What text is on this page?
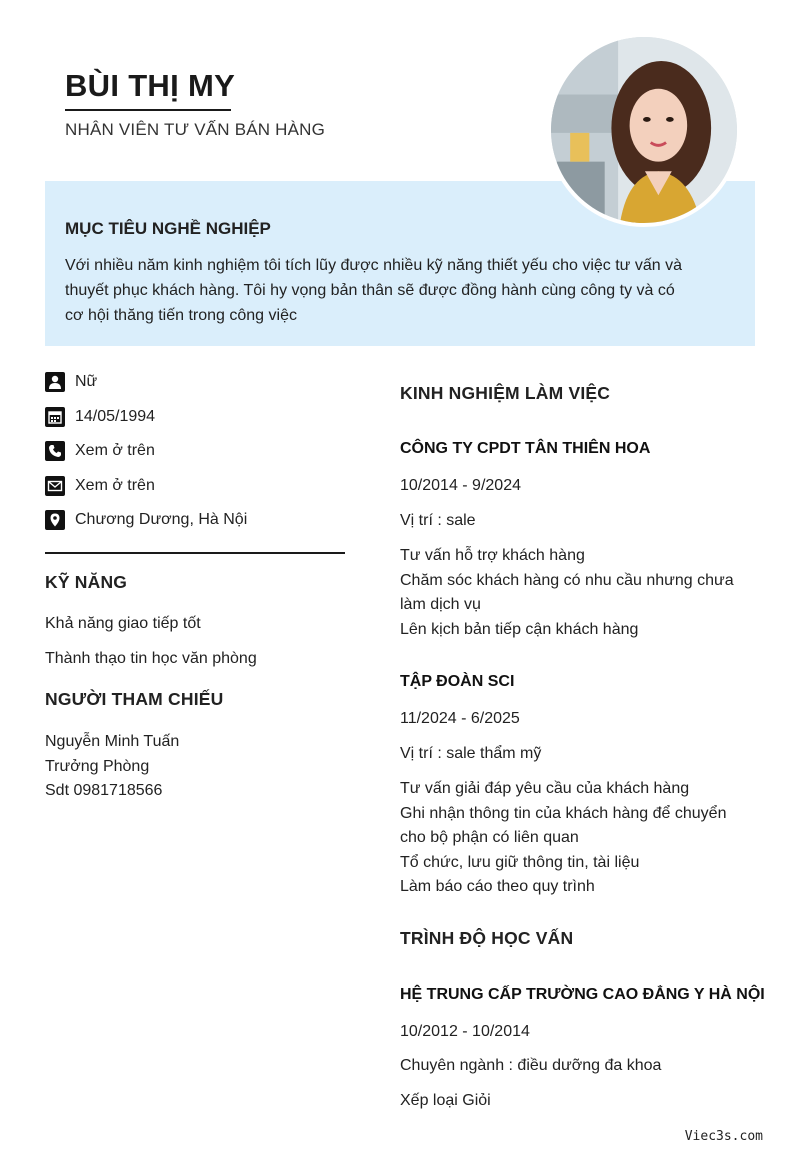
BÙI THỊ MY
NHÂN VIÊN TƯ VẤN BÁN HÀNG
MỤC TIÊU NGHỀ NGHIỆP
Với nhiều năm kinh nghiệm tôi tích lũy được nhiều kỹ năng thiết yếu cho việc tư vấn và
thuyết phục khách hàng. Tôi hy vọng bản thân sẽ được đồng hành cùng công ty và có
cơ hội thăng tiến trong công việc
Nữ
14/05/1994
Xem ở trên
Xem ở trên
Chương Dương, Hà Nội
KỸ NĂNG
Khả năng giao tiếp tốt
Thành thạo tin học văn phòng
NGƯỜI THAM CHIẾU
Nguyễn Minh Tuấn
Trưởng Phòng
Sdt 0981718566
KINH NGHIỆM LÀM VIỆC
CÔNG TY CPDT TÂN THIÊN HOA
10/2014 - 9/2024
Vị trí : sale
Tư vấn hỗ trợ khách hàng
Chăm sóc khách hàng có nhu cầu nhưng chưa
làm dịch vụ
Lên kịch bản tiếp cận khách hàng
TẬP ĐOÀN SCI
11/2024 - 6/2025
Vị trí : sale thẩm mỹ
Tư vấn giải đáp yêu cầu của khách hàng
Ghi nhận thông tin của khách hàng để chuyển
cho bộ phận có liên quan
Tổ chức, lưu giữ thông tin, tài liệu
Làm báo cáo theo quy trình
TRÌNH ĐỘ HỌC VẤN
HỆ TRUNG CẤP TRƯỜNG CAO ĐẲNG Y HÀ NỘI
10/2012 - 10/2014
Chuyên ngành : điều dưỡng đa khoa
Xếp loại Giỏi
Viec3s.com
